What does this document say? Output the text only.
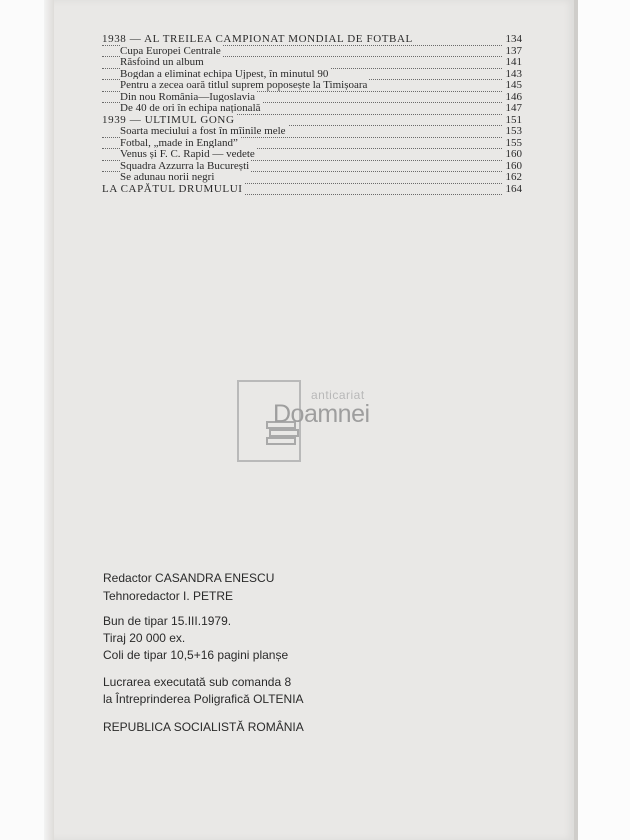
1938 — AL TREILEA CAMPIONAT MONDIAL DE FOTBAL	134
Cupa Europei Centrale	137
Răsfoind un album	141
Bogdan a eliminat echipa Ujpest, în minutul 90	143
Pentru a zecea oară titlul suprem poposește la Timișoara	145
Din nou România—Iugoslavia	146
De 40 de ori în echipa națională	147
1939 — ULTIMUL GONG	151
Soarta meciului a fost în mîinile mele	153
Fotbal, „made in England”	155
Venus și F. C. Rapid — vedete	160
Squadra Azzurra la București	160
Se adunau norii negri	162
LA CAPĂTUL DRUMULUI	164
anticariat
Doamnei
Redactor CASANDRA ENESCU
Tehnoredactor I. PETRE
Bun de tipar 15.III.1979.
Tiraj 20 000 ex.
Coli de tipar 10,5+16 pagini planșe
Lucrarea executată sub comanda 8
la Întreprinderea Poligrafică OLTENIA
REPUBLICA SOCIALISTĂ ROMÂNIA
